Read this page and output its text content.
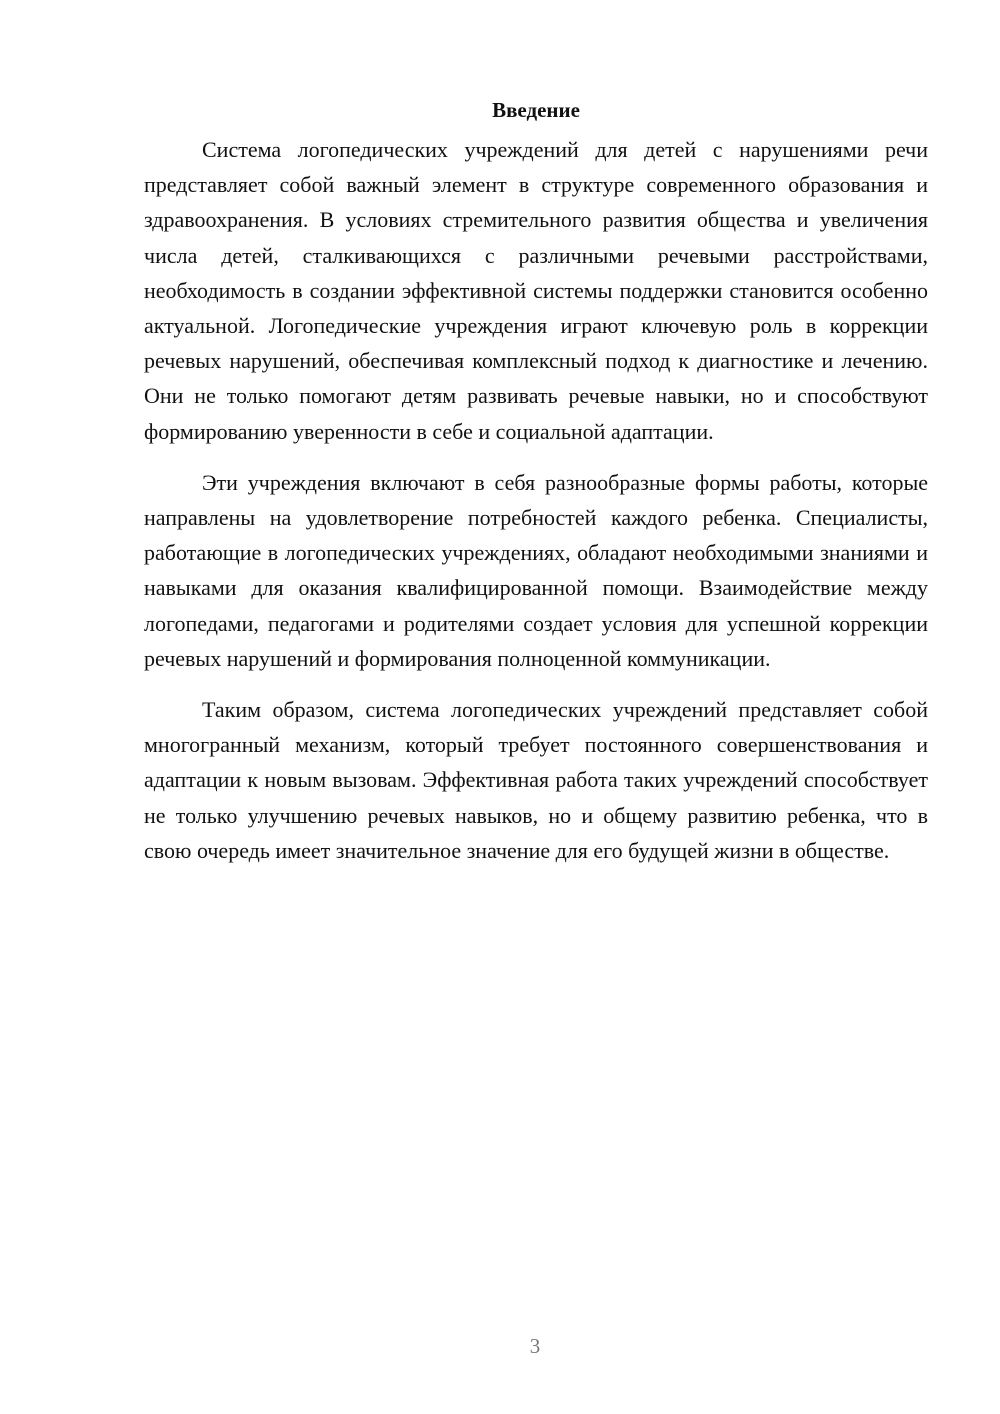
Введение

Система логопедических учреждений для детей с нарушениями речи представляет собой важный элемент в структуре современного образования и здравоохранения. В условиях стремительного развития общества и увеличения числа детей, сталкивающихся с различными речевыми расстройствами, необходимость в создании эффективной системы поддержки становится особенно актуальной. Логопедические учреждения играют ключевую роль в коррекции речевых нарушений, обеспечивая комплексный подход к диагностике и лечению. Они не только помогают детям развивать речевые навыки, но и способствуют формированию уверенности в себе и социальной адаптации.

Эти учреждения включают в себя разнообразные формы работы, которые направлены на удовлетворение потребностей каждого ребенка. Специалисты, работающие в логопедических учреждениях, обладают необходимыми знаниями и навыками для оказания квалифицированной помощи. Взаимодействие между логопедами, педагогами и родителями создает условия для успешной коррекции речевых нарушений и формирования полноценной коммуникации.

Таким образом, система логопедических учреждений представляет собой многогранный механизм, который требует постоянного совершенствования и адаптации к новым вызовам. Эффективная работа таких учреждений способствует не только улучшению речевых навыков, но и общему развитию ребенка, что в свою очередь имеет значительное значение для его будущей жизни в обществе.

3
